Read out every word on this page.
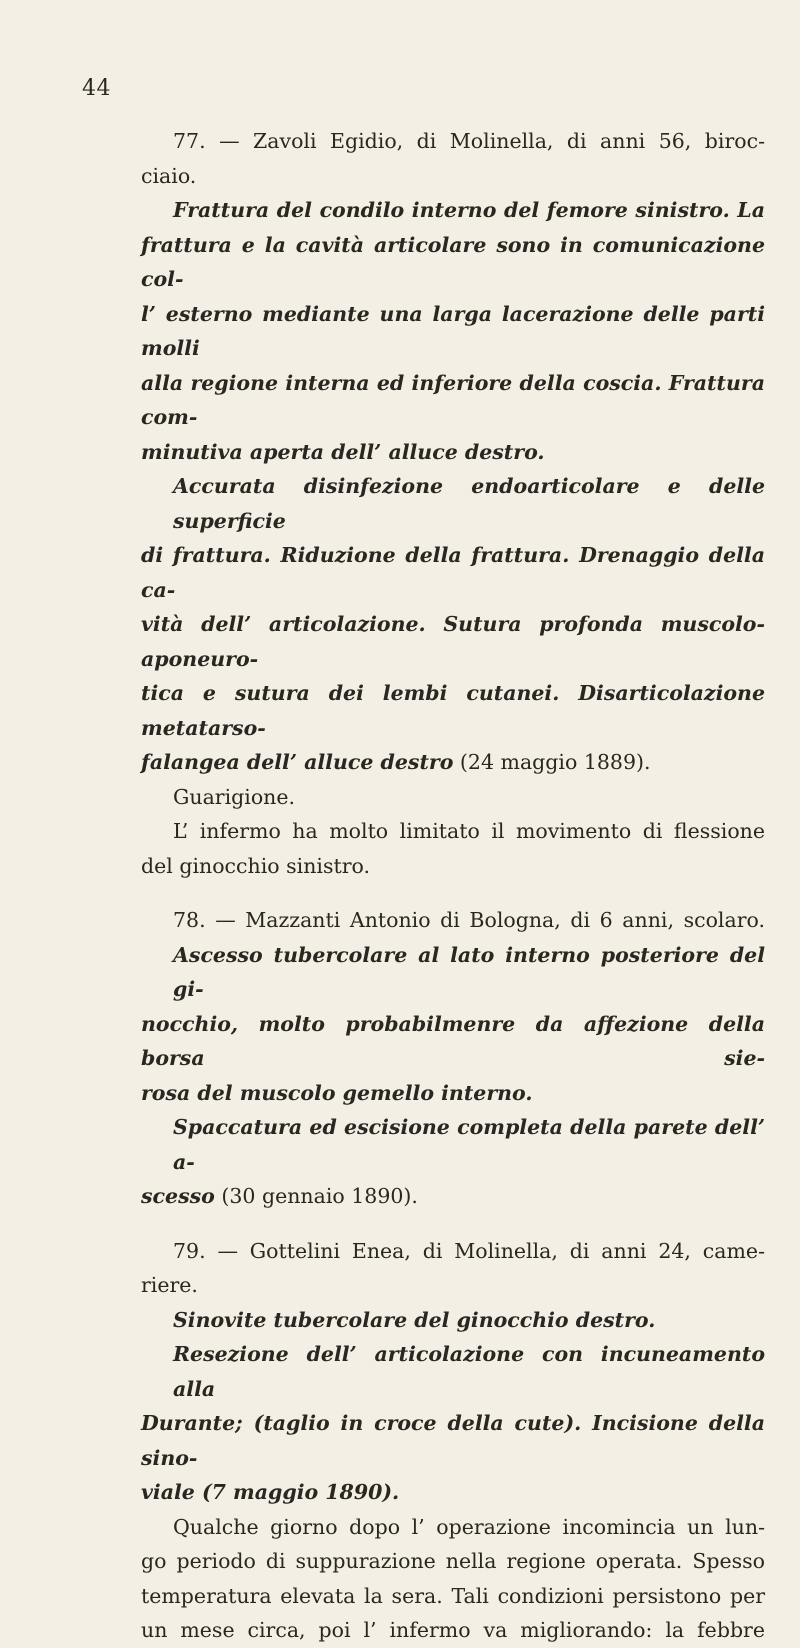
44
77. — Zavoli Egidio, di Molinella, di anni 56, biroc-
ciaio.
Frattura del condilo interno del femore sinistro. La
frattura e la cavità articolare sono in comunicazione col-
l’ esterno mediante una larga lacerazione delle parti molli
alla regione interna ed inferiore della coscia. Frattura com-
minutiva aperta dell’ alluce destro.
Accurata disinfezione endoarticolare e delle superficie
di frattura. Riduzione della frattura. Drenaggio della ca-
vità dell’ articolazione. Sutura profonda muscolo-aponeuro-
tica e sutura dei lembi cutanei. Disarticolazione metatarso-
falangea dell’ alluce destro (24 maggio 1889).
Guarigione.
L’ infermo ha molto limitato il movimento di flessione
del ginocchio sinistro.
78. — Mazzanti Antonio di Bologna, di 6 anni, scolaro.
Ascesso tubercolare al lato interno posteriore del gi-
nocchio, molto probabilmenre da affezione della borsa sie-
rosa del muscolo gemello interno.
Spaccatura ed escisione completa della parete dell’ a-
scesso (30 gennaio 1890).
79. — Gottelini Enea, di Molinella, di anni 24, came-
riere.
Sinovite tubercolare del ginocchio destro.
Resezione dell’ articolazione con incuneamento alla
Durante; (taglio in croce della cute). Incisione della sino-
viale (7 maggio 1890).
Qualche giorno dopo l’ operazione incomincia un lun-
go periodo di suppurazione nella regione operata. Spesso
temperatura elevata la sera. Tali condizioni persistono per
un mese circa, poi l’ infermo va migliorando: la febbre
